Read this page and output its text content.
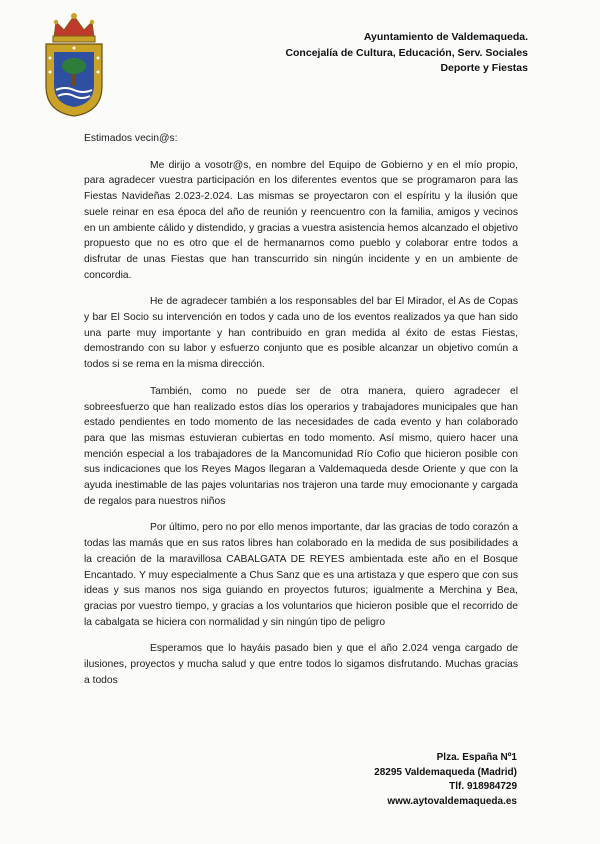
Ayuntamiento de Valdemaqueda.
Concejalía de Cultura, Educación, Serv. Sociales
Deporte y Fiestas
Estimados vecin@s:

Me dirijo a vosotr@s, en nombre del Equipo de Gobierno y en el mío propio, para agradecer vuestra participación en los diferentes eventos que se programaron para las Fiestas Navideñas 2.023-2.024. Las mismas se proyectaron con el espíritu y la ilusión que suele reinar en esa época del año de reunión y reencuentro con la familia, amigos y vecinos en un ambiente cálido y distendido, y gracias a vuestra asistencia hemos alcanzado el objetivo propuesto que no es otro que el de hermanarnos como pueblo y colaborar entre todos a disfrutar de unas Fiestas que han transcurrido sin ningún incidente y en un ambiente de concordia.

He de agradecer también a los responsables del bar El Mirador, el As de Copas y bar El Socio su intervención en todos y cada uno de los eventos realizados ya que han sido una parte muy importante y han contribuido en gran medida al éxito de estas Fiestas, demostrando con su labor y esfuerzo conjunto que es posible alcanzar un objetivo común a todos si se rema en la misma dirección.

También, como no puede ser de otra manera, quiero agradecer el sobreesfuerzo que han realizado estos días los operarios y trabajadores municipales que han estado pendientes en todo momento de las necesidades de cada evento y han colaborado para que las mismas estuvieran cubiertas en todo momento. Así mismo, quiero hacer una mención especial a los trabajadores de la Mancomunidad Río Cofio que hicieron posible con sus indicaciones que los Reyes Magos llegaran a Valdemaqueda desde Oriente y que con la ayuda inestimable de las pajes voluntarias nos trajeron una tarde muy emocionante y cargada de regalos para nuestros niños

Por último, pero no por ello menos importante, dar las gracias de todo corazón a todas las mamás que en sus ratos libres han colaborado en la medida de sus posibilidades a la creación de la maravillosa CABALGATA DE REYES ambientada este año en el Bosque Encantado. Y muy especialmente a Chus Sanz que es una artistaza y que espero que con sus ideas y sus manos nos siga guiando en proyectos futuros; igualmente a Merchina y Bea, gracias por vuestro tiempo, y gracias a los voluntarios que hicieron posible que el recorrido de la cabalgata se hiciera con normalidad y sin ningún tipo de peligro

Esperamos que lo hayáis pasado bien y que el año 2.024 venga cargado de ilusiones, proyectos y mucha salud y que entre todos lo sigamos disfrutando. Muchas gracias a todos

Plza. España Nº1
28295 Valdemaqueda (Madrid)
Tlf. 918984729
www.aytovaldemaqueda.es
